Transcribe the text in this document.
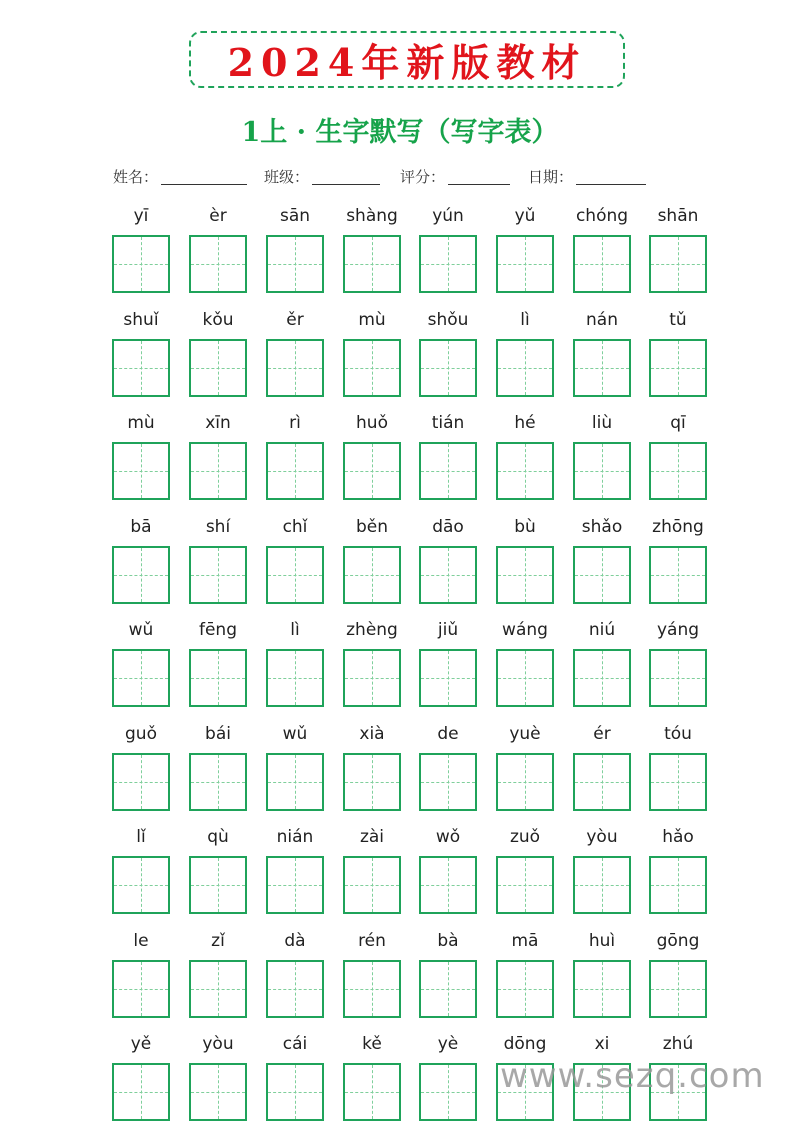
2024年新版教材
1上 · 生字默写（写字表）
姓名：	班级：	评分：	日期：
yī	èr	sān	shàng	yún	yǔ	chóng	shān
shuǐ	kǒu	ěr	mù	shǒu	lì	nán	tǔ
mù	xīn	rì	huǒ	tián	hé	liù	qī
bā	shí	chǐ	běn	dāo	bù	shǎo	zhōng
wǔ	fēng	lì	zhèng	jiǔ	wáng	niú	yáng
guǒ	bái	wǔ	xià	de	yuè	ér	tóu
lǐ	qù	nián	zài	wǒ	zuǒ	yòu	hǎo
le	zǐ	dà	rén	bà	mā	huì	gōng
yě	yòu	cái	kě	yè	dōng	xi	zhú
www.sezq.com
